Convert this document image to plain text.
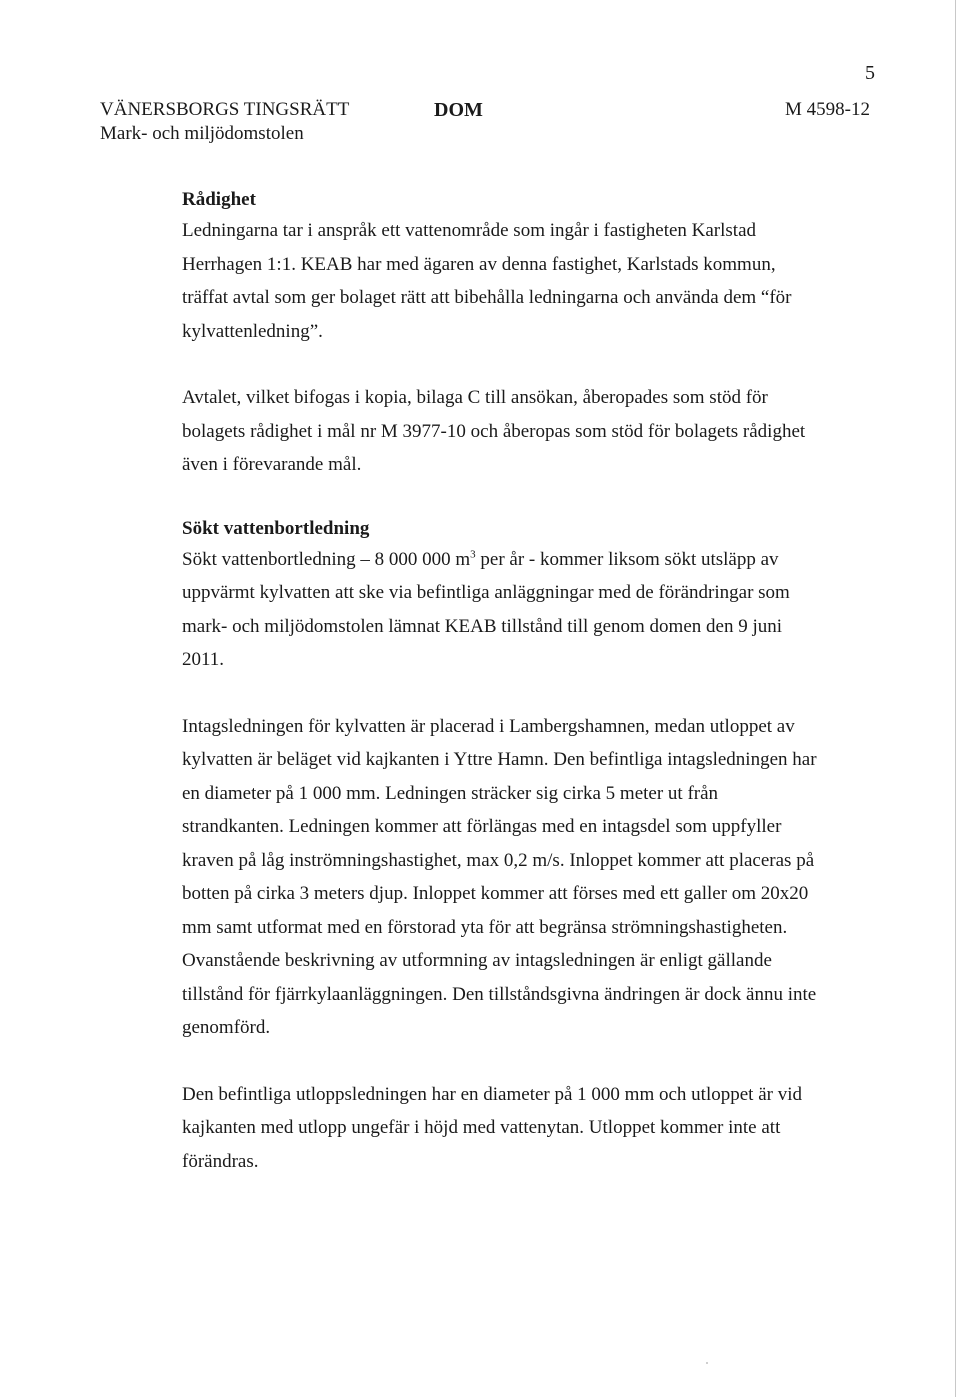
5
VÄNERSBORGS TINGSRÄTT
Mark- och miljödomstolen
DOM	M 4598-12
Rådighet

Ledningarna tar i anspråk ett vattenområde som ingår i fastigheten Karlstad Herrhagen 1:1. KEAB har med ägaren av denna fastighet, Karlstads kommun, träffat avtal som ger bolaget rätt att bibehålla ledningarna och använda dem “för kylvattenledning”.

Avtalet, vilket bifogas i kopia, bilaga C till ansökan, åberopades som stöd för bolagets rådighet i mål nr M 3977-10 och åberopas som stöd för bolagets rådighet även i förevarande mål.

Sökt vattenbortledning

Sökt vattenbortledning – 8 000 000 $m^3$ per år - kommer liksom sökt utsläpp av uppvärmt kylvatten att ske via befintliga anläggningar med de förändringar som mark- och miljödomstolen lämnat KEAB tillstånd till genom domen den 9 juni 2011.

Intagsledningen för kylvatten är placerad i Lambergshamnen, medan utloppet av kylvatten är beläget vid kajkanten i Yttre Hamn. Den befintliga intagsledningen har en diameter på 1 000 mm. Ledningen sträcker sig cirka 5 meter ut från strandkanten. Ledningen kommer att förlängas med en intagsdel som uppfyller kraven på låg inströmningshastighet, max 0,2 m/s. Inloppet kommer att placeras på botten på cirka 3 meters djup. Inloppet kommer att förses med ett galler om 20x20 mm samt utformat med en förstorad yta för att begränsa strömningshastigheten. Ovanstående beskrivning av utformning av intagsledningen är enligt gällande tillstånd för fjärrkylaanläggningen. Den tillståndsgivna ändringen är dock ännu inte genomförd.

Den befintliga utloppsledningen har en diameter på 1 000 mm och utloppet är vid kajkanten med utlopp ungefär i höjd med vattenytan. Utloppet kommer inte att förändras.
